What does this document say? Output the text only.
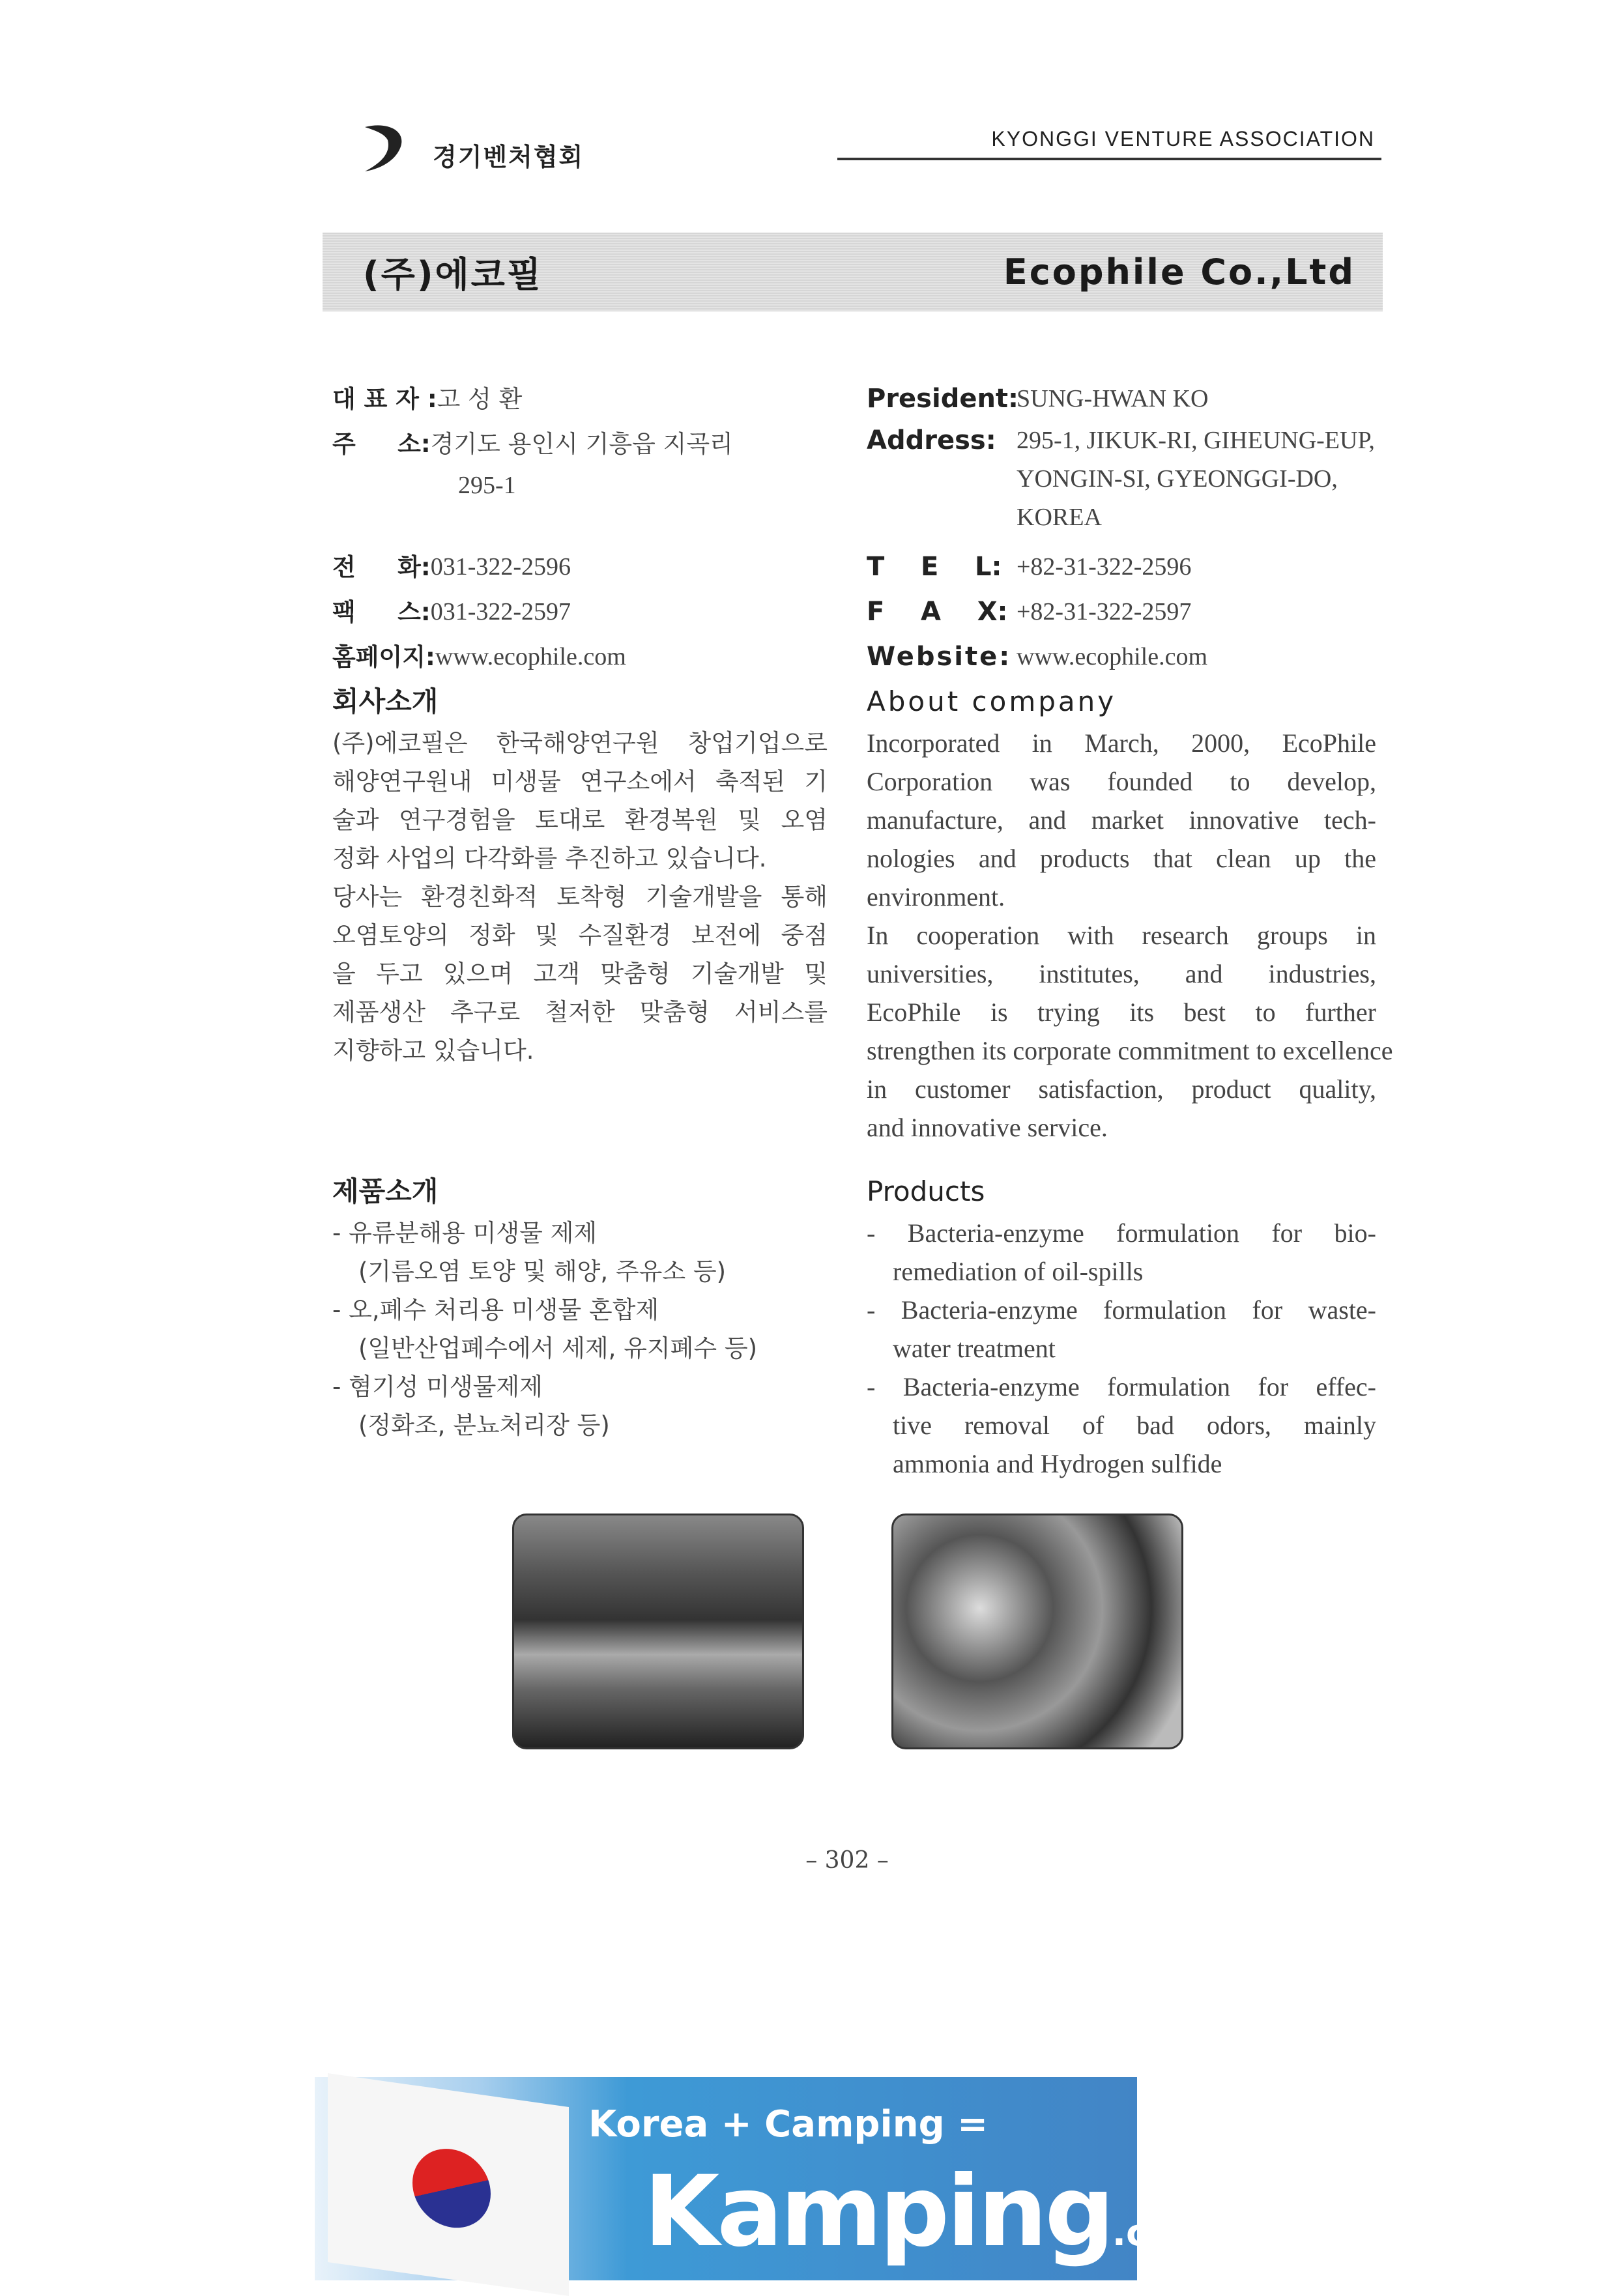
경기벤처협회
KYONGGI VENTURE ASSOCIATION
(주)에코필	Ecophile Co.,Ltd
대 표 자 : 고 성 환
주     소: 경기도 용인시 기흥읍 지곡리
295-1
전     화: 031-322-2596
팩     스: 031-322-2597
홈페이지: www.ecophile.com
회사소개
(주)에코필은 한국해양연구원 창업기업으로
해양연구원내 미생물 연구소에서 축적된 기
술과 연구경험을 토대로 환경복원 및 오염
정화 사업의 다각화를 추진하고 있습니다.
당사는 환경친화적 토착형 기술개발을 통해
오염토양의 정화 및 수질환경 보전에 중점
을 두고 있으며 고객 맞춤형 기술개발 및
제품생산 추구로 철저한 맞춤형 서비스를
지향하고 있습니다.
President:
SUNG-HWAN KO
Address: 295-1, JIKUK-RI, GIHEUNG-EUP,
YONGIN-SI, GYEONGGI-DO,
KOREA
T    E    L: +82-31-322-2596
F    A    X: +82-31-322-2597
Website: www.ecophile.com
About company
Incorporated in March, 2000, EcoPhile
Corporation was founded to develop,
manufacture, and market innovative tech-
nologies and products that clean up the
environment.
In cooperation with research groups in
universities, institutes, and industries,
EcoPhile is trying its best to further
strengthen its corporate commitment to excellence
in customer satisfaction, product quality,
and innovative service.
제품소개
- 유류분해용 미생물 제제
(기름오염 토양 및 해양, 주유소 등)
- 오,폐수 처리용 미생물 혼합제
(일반산업폐수에서 세제, 유지폐수 등)
- 혐기성 미생물제제
(정화조, 분뇨처리장 등)
Products
- Bacteria-enzyme formulation for bio-
remediation of oil-spills
- Bacteria-enzyme formulation for waste-
water treatment
- Bacteria-enzyme formulation for effec-
tive removal of bad odors, mainly
ammonia and Hydrogen sulfide
– 302 –
Korea + Camping =
Kamping.co.kr
